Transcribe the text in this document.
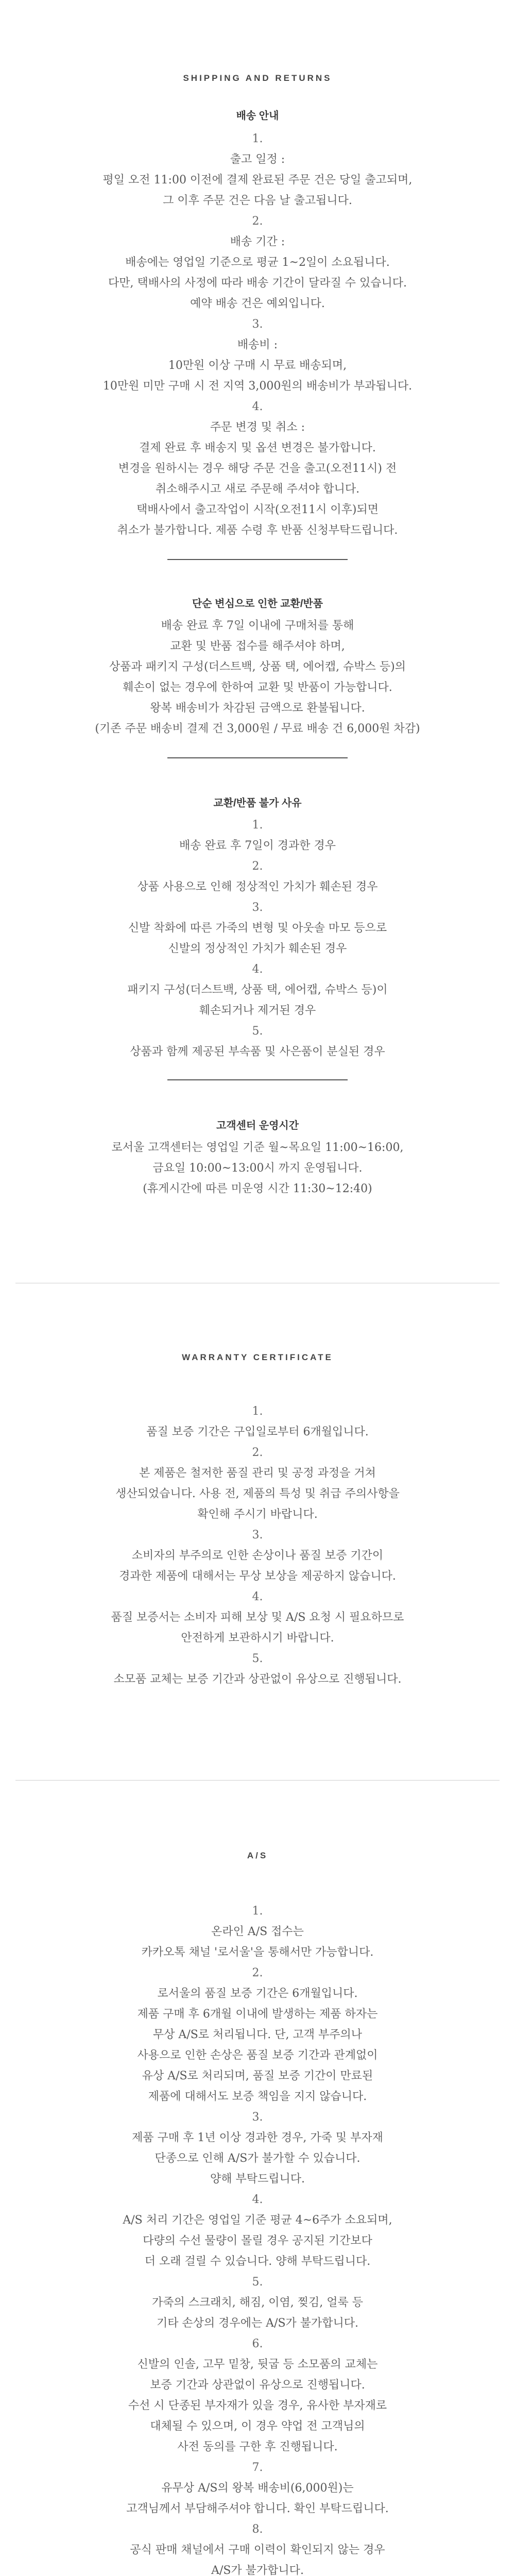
SHIPPING AND RETURNS
배송 안내
1.
출고 일정 :
평일 오전 11:00 이전에 결제 완료된 주문 건은 당일 출고되며,
그 이후 주문 건은 다음 날 출고됩니다.
2.
배송 기간 :
배송에는 영업일 기준으로 평균 1~2일이 소요됩니다.
다만, 택배사의 사정에 따라 배송 기간이 달라질 수 있습니다.
예약 배송 건은 예외입니다.
3.
배송비 :
10만원 이상 구매 시 무료 배송되며,
10만원 미만 구매 시 전 지역 3,000원의 배송비가 부과됩니다.
4.
주문 변경 및 취소 :
결제 완료 후 배송지 및 옵션 변경은 불가합니다.
변경을 원하시는 경우 해당 주문 건을 출고(오전11시) 전
취소해주시고 새로 주문해 주셔야 합니다.
택배사에서 출고작업이 시작(오전11시 이후)되면
취소가 불가합니다. 제품 수령 후 반품 신청부탁드립니다.
단순 변심으로 인한 교환/반품
배송 완료 후 7일 이내에 구매처를 통해
교환 및 반품 접수를 해주셔야 하며,
상품과 패키지 구성(더스트백, 상품 택, 에어캡, 슈박스 등)의
훼손이 없는 경우에 한하여 교환 및 반품이 가능합니다.
왕복 배송비가 차감된 금액으로 환불됩니다.
(기존 주문 배송비 결제 건 3,000원 / 무료 배송 건 6,000원 차감)
교환/반품 불가 사유
1.
배송 완료 후 7일이 경과한 경우
2.
상품 사용으로 인해 정상적인 가치가 훼손된 경우
3.
신발 착화에 따른 가죽의 변형 및 아웃솔 마모 등으로
신발의 정상적인 가치가 훼손된 경우
4.
패키지 구성(더스트백, 상품 택, 에어캡, 슈박스 등)이
훼손되거나 제거된 경우
5.
상품과 함께 제공된 부속품 및 사은품이 분실된 경우
고객센터 운영시간
로서울 고객센터는 영업일 기준 월~목요일 11:00~16:00,
금요일 10:00~13:00시 까지 운영됩니다.
(휴게시간에 따른 미운영 시간 11:30~12:40)
WARRANTY CERTIFICATE
1.
품질 보증 기간은 구입일로부터 6개월입니다.
2.
본 제품은 철저한 품질 관리 및 공정 과정을 거쳐
생산되었습니다. 사용 전, 제품의 특성 및 취급 주의사항을
확인해 주시기 바랍니다.
3.
소비자의 부주의로 인한 손상이나 품질 보증 기간이
경과한 제품에 대해서는 무상 보상을 제공하지 않습니다.
4.
품질 보증서는 소비자 피해 보상 및 A/S 요청 시 필요하므로
안전하게 보관하시기 바랍니다.
5.
소모품 교체는 보증 기간과 상관없이 유상으로 진행됩니다.
A/S
1.
온라인 A/S 접수는
카카오톡 채널 '로서울'을 통해서만 가능합니다.
2.
로서울의 품질 보증 기간은 6개월입니다.
제품 구매 후 6개월 이내에 발생하는 제품 하자는
무상 A/S로 처리됩니다. 단, 고객 부주의나
사용으로 인한 손상은 품질 보증 기간과 관계없이
유상 A/S로 처리되며, 품질 보증 기간이 만료된
제품에 대해서도 보증 책임을 지지 않습니다.
3.
제품 구매 후 1년 이상 경과한 경우, 가죽 및 부자재
단종으로 인해 A/S가 불가할 수 있습니다.
양해 부탁드립니다.
4.
A/S 처리 기간은 영업일 기준 평균 4~6주가 소요되며,
다량의 수선 물량이 몰릴 경우 공지된 기간보다
더 오래 걸릴 수 있습니다. 양해 부탁드립니다.
5.
가죽의 스크래치, 해짐, 이염, 찢김, 얼룩 등
기타 손상의 경우에는 A/S가 불가합니다.
6.
신발의 인솔, 고무 밑창, 뒷굽 등 소모품의 교체는
보증 기간과 상관없이 유상으로 진행됩니다.
수선 시 단종된 부자재가 있을 경우, 유사한 부자재로
대체될 수 있으며, 이 경우 약업 전 고객님의
사전 동의를 구한 후 진행됩니다.
7.
유무상 A/S의 왕복 배송비(6,000원)는
고객님께서 부담해주셔야 합니다. 확인 부탁드립니다.
8.
공식 판매 채널에서 구매 이력이 확인되지 않는 경우
A/S가 불가합니다.
